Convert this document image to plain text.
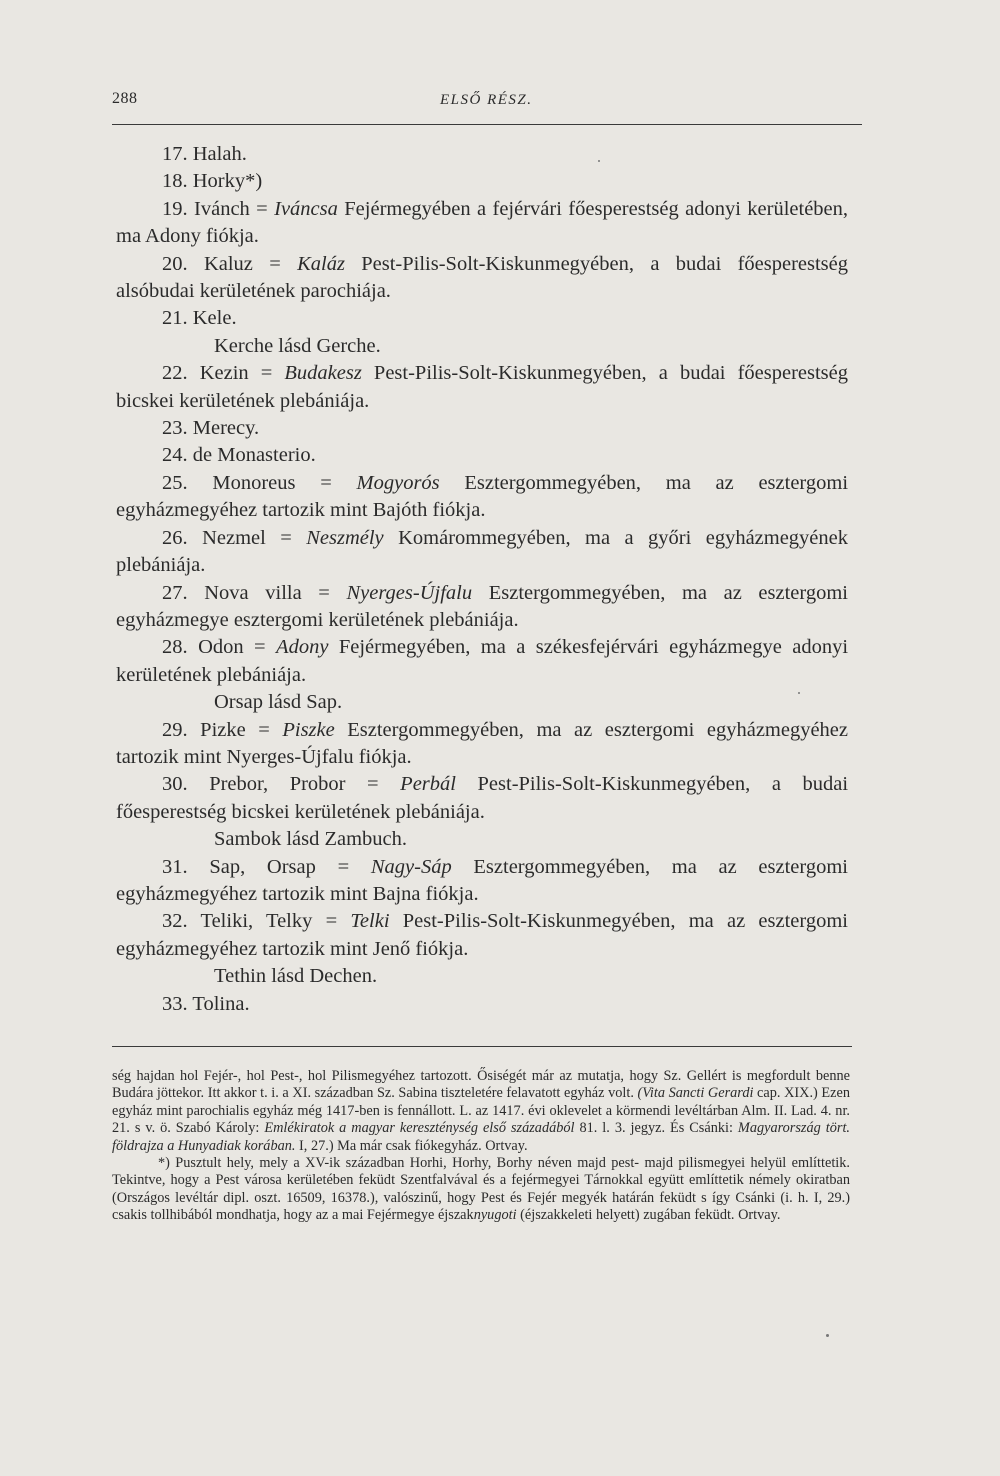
288	ELSŐ RÉSZ.

17. Halah.

18. Horky*)

19. Ivánch = Iváncsa Fejérmegyében a fejérvári főesperestség adonyi kerületében, ma Adony fiókja.

20. Kaluz = Kaláz Pest-Pilis-Solt-Kiskunmegyében, a budai főesperestség alsóbudai kerületének parochiája.

21. Kele.

Kerche lásd Gerche.

22. Kezin = Budakesz Pest-Pilis-Solt-Kiskunmegyében, a budai főesperestség bicskei kerületének plebániája.

23. Merecy.

24. de Monasterio.

25. Monoreus = Mogyorós Esztergommegyében, ma az esztergomi egyházmegyéhez tartozik mint Bajóth fiókja.

26. Nezmel = Neszmély Komárommegyében, ma a győri egyházmegyének plebániája.

27. Nova villa = Nyerges-Újfalu Esztergommegyében, ma az esztergomi egyházmegye esztergomi kerületének plebániája.

28. Odon = Adony Fejérmegyében, ma a székesfejérvári egyházmegye adonyi kerületének plebániája.

Orsap lásd Sap.

29. Pizke = Piszke Esztergommegyében, ma az esztergomi egyházmegyéhez tartozik mint Nyerges-Újfalu fiókja.

30. Prebor, Probor = Perbál Pest-Pilis-Solt-Kiskunmegyében, a budai főesperestség bicskei kerületének plebániája.

Sambok lásd Zambuch.

31. Sap, Orsap = Nagy-Sáp Esztergommegyében, ma az esztergomi egyházmegyéhez tartozik mint Bajna fiókja.

32. Teliki, Telky = Telki Pest-Pilis-Solt-Kiskunmegyében, ma az esztergomi egyházmegyéhez tartozik mint Jenő fiókja.

Tethin lásd Dechen.

33. Tolina.

ség hajdan hol Fejér-, hol Pest-, hol Pilismegyéhez tartozott. Ősiségét már az mutatja, hogy Sz. Gellért is megfordult benne Budára jöttekor. Itt akkor t. i. a XI. században Sz. Sabina tiszteletére felavatott egyház volt. (Vita Sancti Gerardi cap. XIX.) Ezen egyház mint parochialis egyház még 1417-ben is fennállott. L. az 1417. évi oklevelet a körmendi levéltárban Alm. II. Lad. 4. nr. 21. s v. ö. Szabó Károly: Emlékiratok a magyar kereszténység első századából 81. l. 3. jegyz. És Csánki: Magyarország tört. földrajza a Hunyadiak korában. I, 27.) Ma már csak fiókegyház. Ortvay.

*) Pusztult hely, mely a XV-ik században Horhi, Horhy, Borhy néven majd pest- majd pilismegyei helyül említtetik. Tekintve, hogy a Pest városa kerületében feküdt Szentfalvával és a fejérmegyei Tárnokkal együtt említtetik némely okiratban (Országos levéltár dipl. oszt. 16509, 16378.), valószinű, hogy Pest és Fejér megyék határán feküdt s így Csánki (i. h. I, 29.) csakis tollhibából mondhatja, hogy az a mai Fejérmegye éjszaknyugoti (éjszakkeleti helyett) zugában feküdt. Ortvay.
